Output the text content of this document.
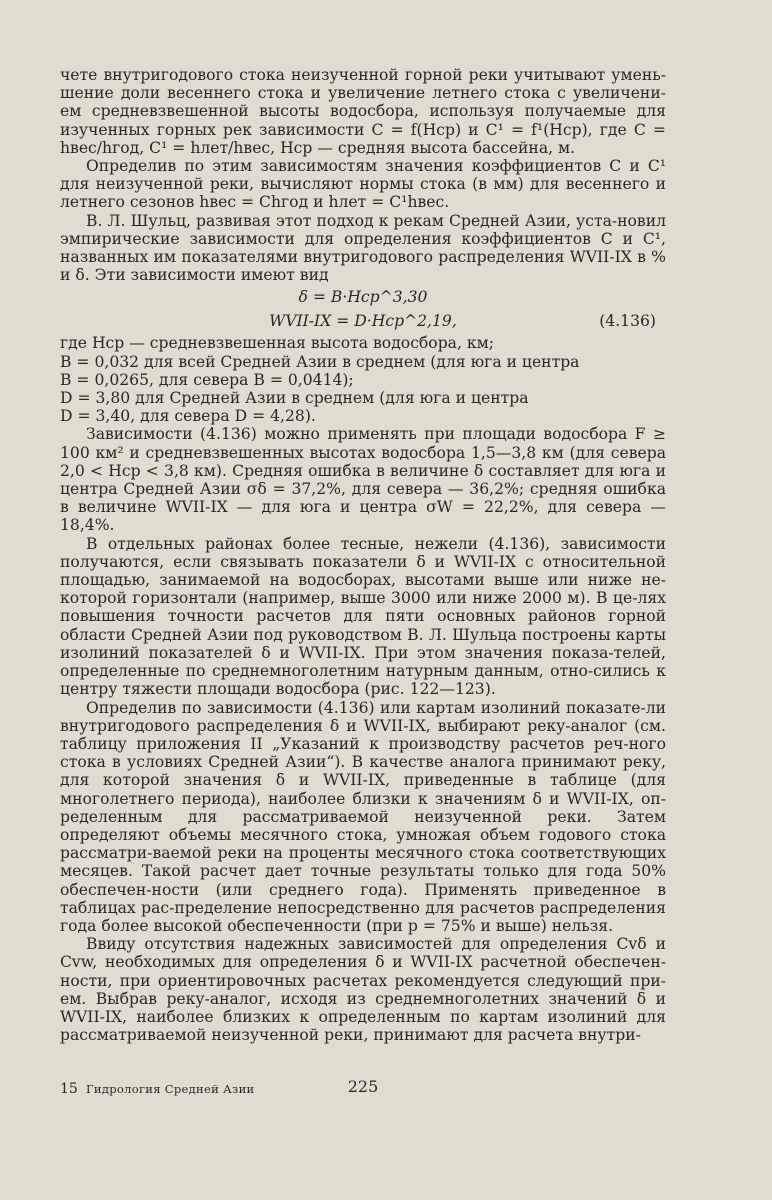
чете внутригодового стока неизученной горной реки учитывают умень-шение доли весеннего стока и увеличение летнего стока с увеличени-ем средневзвешенной высоты водосбора, используя получаемые для изученных горных рек зависимости C = f(Hср) и C¹ = f¹(Hср), где C = hвес/hгод, C¹ = hлет/hвес, Hср — средняя высота бассейна, м.

Определив по этим зависимостям значения коэффициентов C и C¹ для неизученной реки, вычисляют нормы стока (в мм) для весеннего и летнего сезонов hвес = Chгод и hлет = C¹hвес.

В. Л. Шульц, развивая этот подход к рекам Средней Азии, уста-новил эмпирические зависимости для определения коэффициентов C и C¹, названных им показателями внутригодового распределения WVII-IX в % и δ. Эти зависимости имеют вид

δ = B·Hср^3,30
WVII-IX = D·Hср^2,19,	(4.136)

где Hср — средневзвешенная высота водосбора, км;

B = 0,032 для всей Средней Азии в среднем (для юга и центра

B = 0,0265, для севера B = 0,0414);

D = 3,80 для Средней Азии в среднем (для юга и центра

D = 3,40, для севера D = 4,28).

Зависимости (4.136) можно применять при площади водосбора F ≥ 100 км² и средневзвешенных высотах водосбора 1,5—3,8 км (для севера 2,0 < Hср < 3,8 км). Средняя ошибка в величине δ составляет для юга и центра Средней Азии σδ = 37,2%, для севера — 36,2%; средняя ошибка в величине WVII-IX — для юга и центра σW = 22,2%, для севера — 18,4%.

В отдельных районах более тесные, нежели (4.136), зависимости получаются, если связывать показатели δ и WVII-IX с относительной площадью, занимаемой на водосборах, высотами выше или ниже не-которой горизонтали (например, выше 3000 или ниже 2000 м). В це-лях повышения точности расчетов для пяти основных районов горной области Средней Азии под руководством В. Л. Шульца построены карты изолиний показателей δ и WVII-IX. При этом значения показа-телей, определенные по среднемноголетним натурным данным, отно-сились к центру тяжести площади водосбора (рис. 122—123).

Определив по зависимости (4.136) или картам изолиний показате-ли внутригодового распределения δ и WVII-IX, выбирают реку-аналог (см. таблицу приложения II „Указаний к производству расчетов реч-ного стока в условиях Средней Азии“). В качестве аналога принимают реку, для которой значения δ и WVII-IX, приведенные в таблице (для многолетнего периода), наиболее близки к значениям δ и WVII-IX, оп-ределенным для рассматриваемой неизученной реки. Затем определяют объемы месячного стока, умножая объем годового стока рассматри-ваемой реки на проценты месячного стока соответствующих месяцев. Такой расчет дает точные результаты только для года 50% обеспечен-ности (или среднего года). Применять приведенное в таблицах рас-пределение непосредственно для расчетов распределения года более высокой обеспеченности (при p = 75% и выше) нельзя.

Ввиду отсутствия надежных зависимостей для определения Cvδ и Cvw, необходимых для определения δ и WVII-IX расчетной обеспечен-ности, при ориентировочных расчетах рекомендуется следующий при-ем. Выбрав реку-аналог, исходя из среднемноголетних значений δ и WVII-IX, наиболее близких к определенным по картам изолиний для рассматриваемой неизученной реки, принимают для расчета внутри-

15 Гидрология Средней Азии	225
